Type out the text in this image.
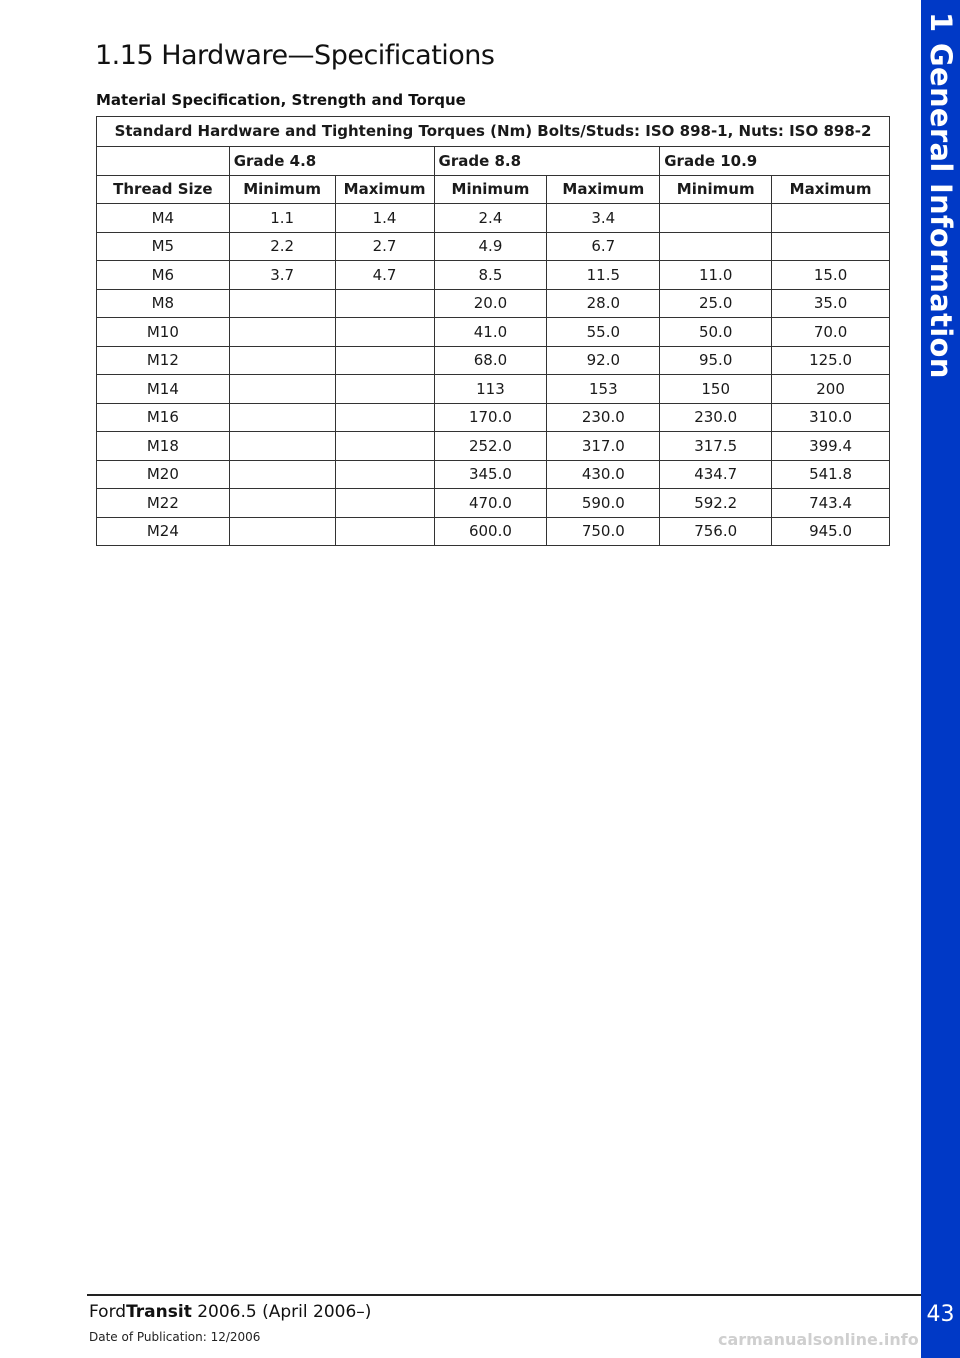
1.15 Hardware—Specifications
Material Specification, Strength and Torque
Standard Hardware and Tightening Torques (Nm) Bolts/Studs: ISO 898-1, Nuts: ISO 898-2						
	Grade 4.8		Grade 8.8		Grade 10.9	
Thread Size	Minimum	Maximum	Minimum	Maximum	Minimum	Maximum
M4	1.1	1.4	2.4	3.4		
M5	2.2	2.7	4.9	6.7		
M6	3.7	4.7	8.5	11.5	11.0	15.0
M8			20.0	28.0	25.0	35.0
M10			41.0	55.0	50.0	70.0
M12			68.0	92.0	95.0	125.0
M14			113	153	150	200
M16			170.0	230.0	230.0	310.0
M18			252.0	317.0	317.5	399.4
M20			345.0	430.0	434.7	541.8
M22			470.0	590.0	592.2	743.4
M24			600.0	750.0	756.0	945.0
1 General Information
43
FordTransit 2006.5 (April 2006–)
Date of Publication: 12/2006	carmanualsonline.info
